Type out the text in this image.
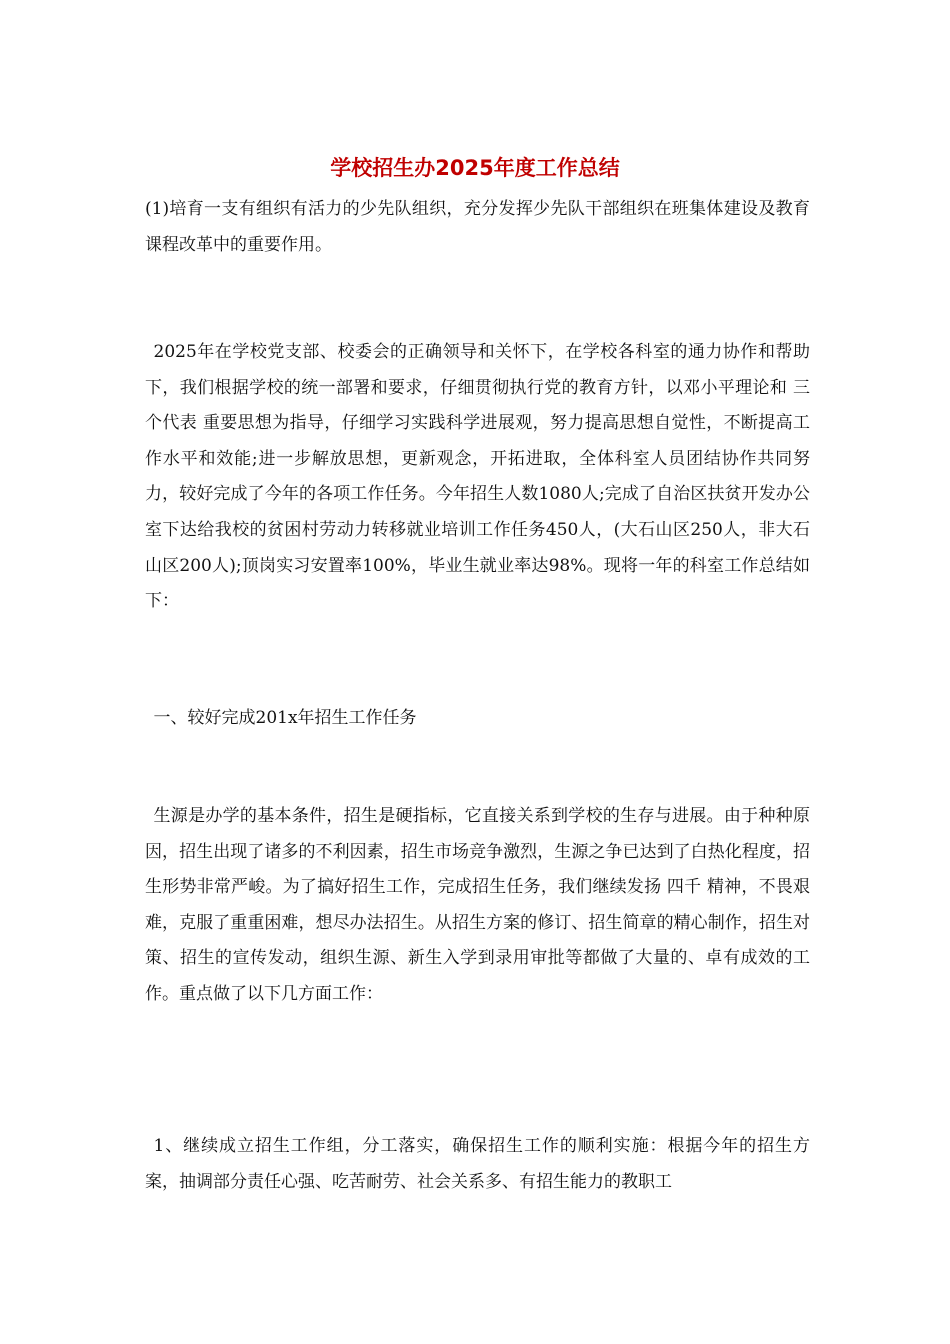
学校招生办2025年度工作总结

(1)培育一支有组织有活力的少先队组织，充分发挥少先队干部组织在班集体建设及教育课程改革中的重要作用。

2025年在学校党支部、校委会的正确领导和关怀下，在学校各科室的通力协作和帮助下，我们根据学校的统一部署和要求，仔细贯彻执行党的教育方针，以邓小平理论和 三个代表 重要思想为指导，仔细学习实践科学进展观，努力提高思想自觉性，不断提高工作水平和效能;进一步解放思想，更新观念，开拓进取，全体科室人员团结协作共同努力，较好完成了今年的各项工作任务。今年招生人数1080人;完成了自治区扶贫开发办公室下达给我校的贫困村劳动力转移就业培训工作任务450人，(大石山区250人，非大石山区200人);顶岗实习安置率100%，毕业生就业率达98%。现将一年的科室工作总结如下：

一、较好完成201x年招生工作任务

生源是办学的基本条件，招生是硬指标，它直接关系到学校的生存与进展。由于种种原因，招生出现了诸多的不利因素，招生市场竞争激烈，生源之争已达到了白热化程度，招生形势非常严峻。为了搞好招生工作，完成招生任务，我们继续发扬 四千 精神，不畏艰难，克服了重重困难，想尽办法招生。从招生方案的修订、招生简章的精心制作，招生对策、招生的宣传发动，组织生源、新生入学到录用审批等都做了大量的、卓有成效的工作。重点做了以下几方面工作：

1、继续成立招生工作组，分工落实，确保招生工作的顺利实施：根据今年的招生方案，抽调部分责任心强、吃苦耐劳、社会关系多、有招生能力的教职工
